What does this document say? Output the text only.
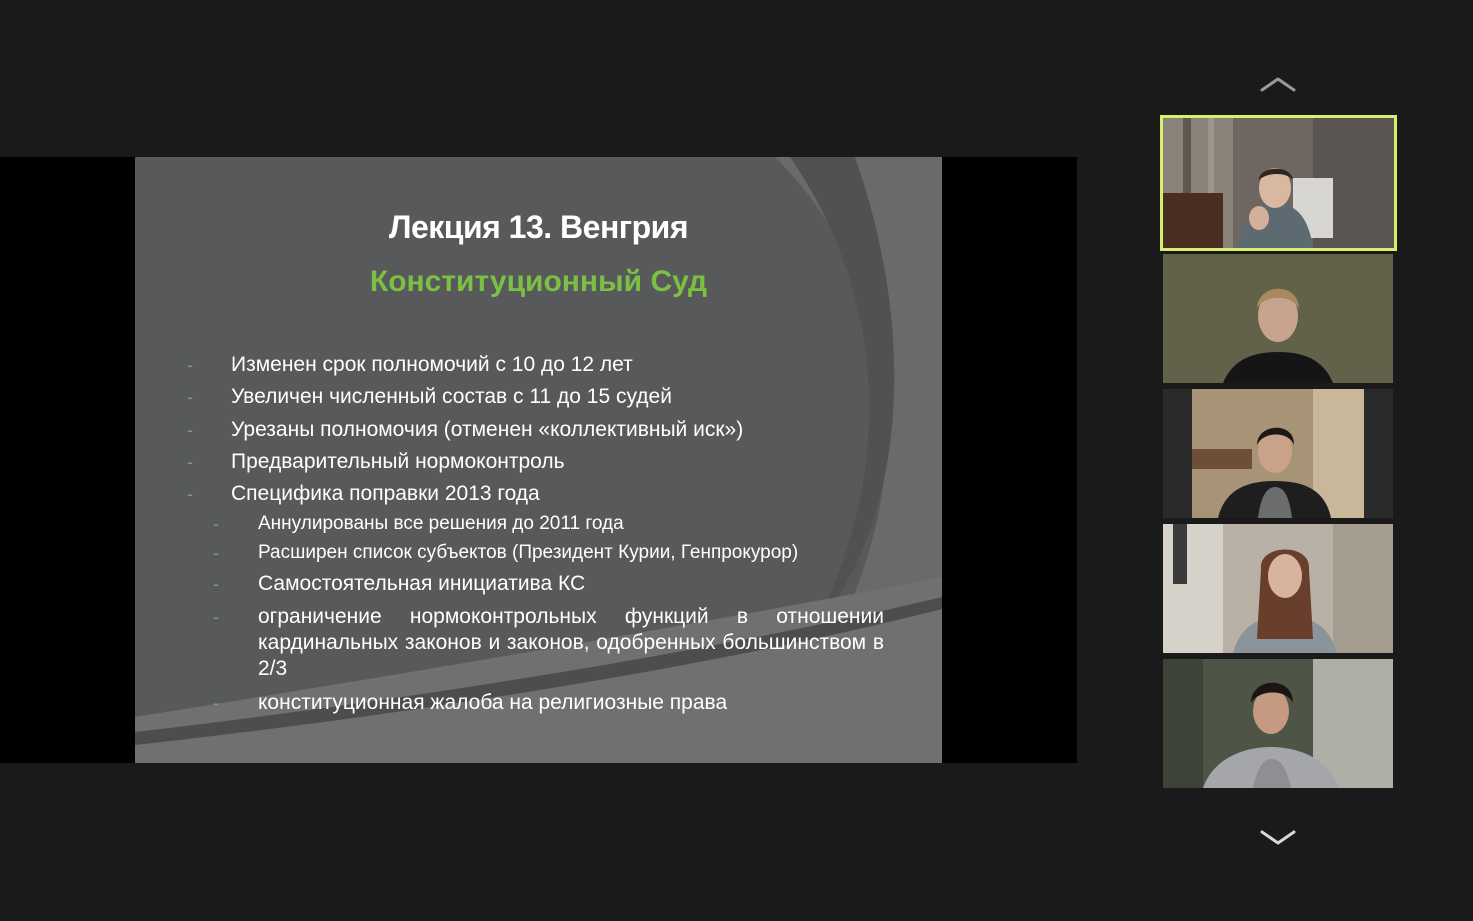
Лекция 13. Венгрия
Конституционный Суд
- Изменен срок полномочий с 10 до 12 лет
- Увеличен численный состав с 11 до 15 судей
- Урезаны полномочия (отменен «коллективный иск»)
- Предварительный нормоконтроль
- Специфика поправки 2013 года
- Аннулированы все решения до 2011 года
- Расширен список субъектов (Президент Курии, Генпрокурор)
- Самостоятельная инициатива КС
- ограничение нормоконтрольных функций в отношении кардинальных законов и законов, одобренных большинством в 2/3
- конституционная жалоба на религиозные права
